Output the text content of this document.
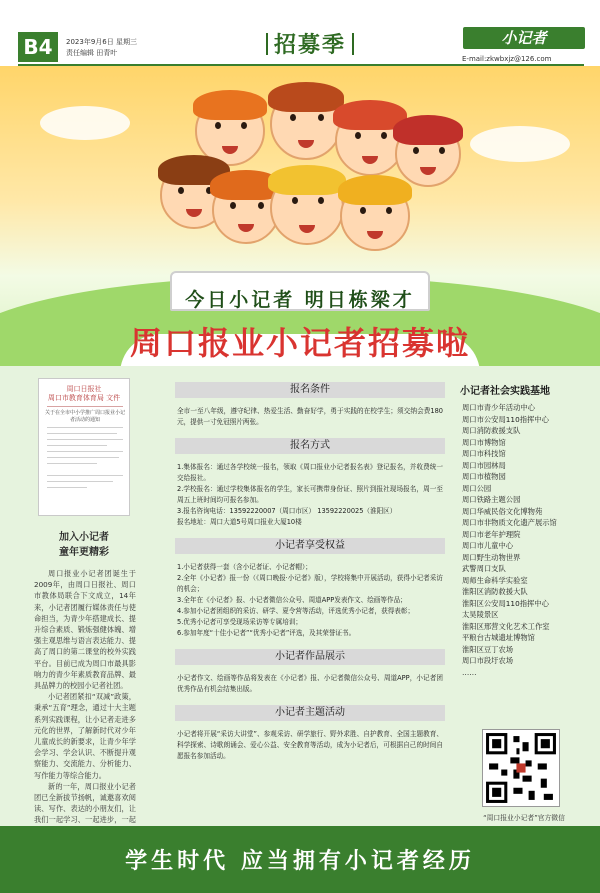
B4	2023年9月6日 星期三
责任编辑 田青叶	招募季	小记者
E-mail:zkwbxjz@126.com
今日小记者 明日栋梁才
周口报业小记者招募啦
周口日报社
周口市教育体育局 文件
关于在全市中小学推广周口报业小记者活动的通知
加入小记者
童年更精彩

周口报业小记者团诞生于2009年，由周口日报社、周口市教体局联合下文成立，14年来，小记者团履行媒体责任与使命担当，为青少年搭建成长、提升综合素质、锻炼强健体魄、增强主观思维与语言表达能力、提高了周口的第二课堂的校外实践平台。目前已成为周口市最具影响力的青少年素质教育品牌、最具品牌力的校园小记者社团。

小记者团紧扣“双减”政策，秉承“五育”理念，通过十大主题系列实践课程，让小记者走进多元化的世界，了解新时代对少年儿童成长的新要求，让青少年学会学习、学会认识、不断提升观察能力、交流能力、分析能力、写作能力等综合能力。

新的一年，周口报业小记者团已全新拔节扬帆，诚邀喜欢阅读、写作、表达的小朋友们，让我们一起学习、一起进步，一起

报名条件
全市一至八年级，遵守纪律、热爱生活、勤奋好学，勇于实践的在校学生；须交纳会费180元，提供一寸免冠照片两张。
报名方式
1.集体报名：通过各学校统一报名，领取《周口报业小记者报名表》登记报名，并收费统一交给报社。
2.学校报名：通过学校集体报名的学生，家长可携带身份证、照片到报社现场报名，周一至周五上班时间均可报名参加。
3.报名咨询电话：13592220007（周口市区） 13592220025（淮阳区）
报名地址：周口大道5号周口报业大厦10楼
小记者享受权益
1.小记者获得一套（含小记者证、小记者帽）；
2.全年《小记者》报一份（《周口晚报·小记者》版），学校将集中开展活动，获得小记者采访的机会；
3.全年在《小记者》报、小记者微信公众号、周道APP发表作文、绘画等作品；
4.参加小记者团组织的采访、研学、夏令营等活动，评选优秀小记者，获得表彰；
5.优秀小记者可享受现场采访等专属培训；
6.参加年度“十佳小记者”“优秀小记者”评选，及其荣誉证书。
小记者作品展示
小记者作文、绘画等作品将发表在《小记者》报、小记者微信公众号、周道APP，小记者团优秀作品有机会结集出版。
小记者主题活动
小记者将开展“采访大讲堂”、参观采访、研学旅行、野外求胜、自护教育、全国主题教育、科学探索、诗歌朗诵会、爱心公益、安全教育等活动，成为小记者后，可根据自己的时间自愿报名参加活动。
小记者社会实践基地
周口市青少年活动中心
周口市公安局110指挥中心
周口消防救援支队
周口市博物馆
周口市科技馆
周口市园林局
周口市植物园
周口公园
周口铁路主题公园
周口华威民俗文化博物苑
周口市非物质文化遗产展示馆
周口市老年护理院
周口市儿童中心
周口野生动物世界
武警周口支队
周师生命科学实验室
淮阳区消防救援大队
淮阳区公安局110指挥中心
太昊陵景区
淮阳区邢营文化艺术工作室
平粮台古城遗址博物馆
淮阳区豆丁农场
周口市段圩农场
……
“周口报业小记者”官方微信
学生时代 应当拥有小记者经历
